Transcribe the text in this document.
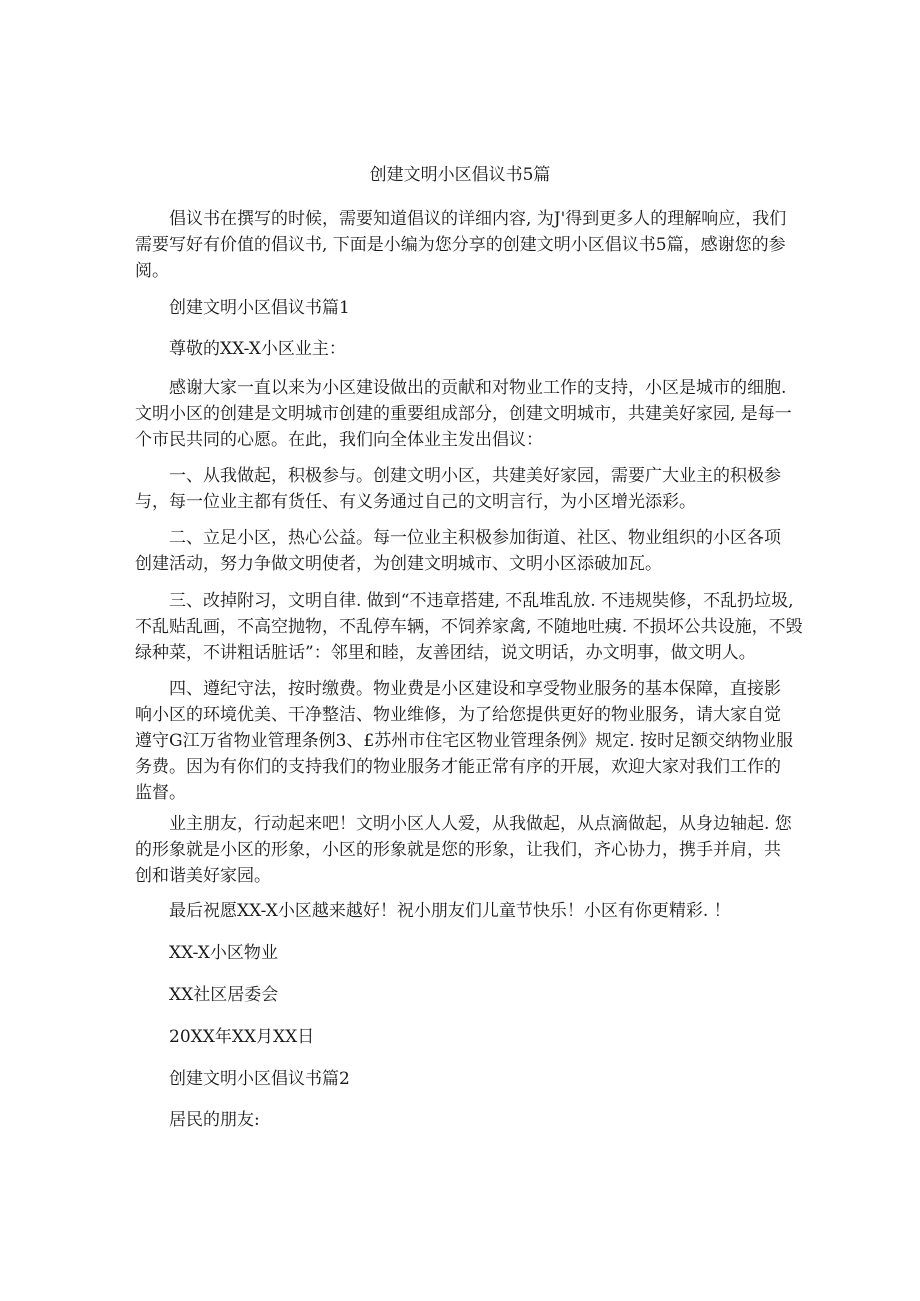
创建文明小区倡议书5篇
倡议书在撰写的时候，需要知道倡议的详细内容, 为J'得到更多人的理解响应，我们
需要写好有价值的倡议书, 下面是小编为您分享的创建文明小区倡议书5篇，感谢您的参
阅。

创建文明小区倡议书篇1

尊敬的XX-X小区业主：

感谢大家一直以来为小区建设做出的贡献和对物业工作的支持，小区是城市的细胞.
文明小区的创建是文明城市创建的重要组成部分，创建文明城市，共建美好家园, 是每一
个市民共同的心愿。在此，我们向全体业主发出倡议：
一、从我做起，积极参与。创建文明小区，共建美好家园，需要广大业主的积极参
与，每一位业主都有货任、有义务通过自己的文明言行，为小区增光添彩。
二、立足小区，热心公益。每一位业主积极参加街道、社区、物业组织的小区各项
创建活动，努力争做文明使者，为创建文明城市、文明小区添破加瓦。
三、改掉附习，文明自律. 做到“不违章搭建, 不乱堆乱放. 不违规奘修，不乱扔垃圾,
不乱贴乱画，不高空抛物，不乱停车辆，不饲养家禽, 不随地吐痍. 不损坏公共设施，不毁
绿种菜，不讲粗话脏话”：邻里和睦，友善团结，说文明话，办文明事，做文明人。
四、遵纪守法，按时缴费。物业费是小区建设和享受物业服务的基本保障，直接影
响小区的环境优美、干净整洁、物业维修，为了给您提供更好的物业服务，请大家自觉
遵守G江万省物业管理条例3、£苏州市住宅区物业管理条例》规定. 按时足额交纳物业服
务费。因为有你们的支持我们的物业服务才能正常有序的开展，欢迎大家对我们工作的
监督。
业主朋友，行动起来吧！文明小区人人爱，从我做起，从点滴做起，从身边轴起. 您
的形象就是小区的形象，小区的形象就是您的形象，让我们，齐心协力，携手并肩，共
创和谐美好家园。

最后祝愿XX-X小区越来越好！祝小朋友们儿童节快乐！小区有你更精彩. ！

XX-X小区物业

XX社区居委会

20XX年XX月XX日

创建文明小区倡议书篇2

居民的朋友:
